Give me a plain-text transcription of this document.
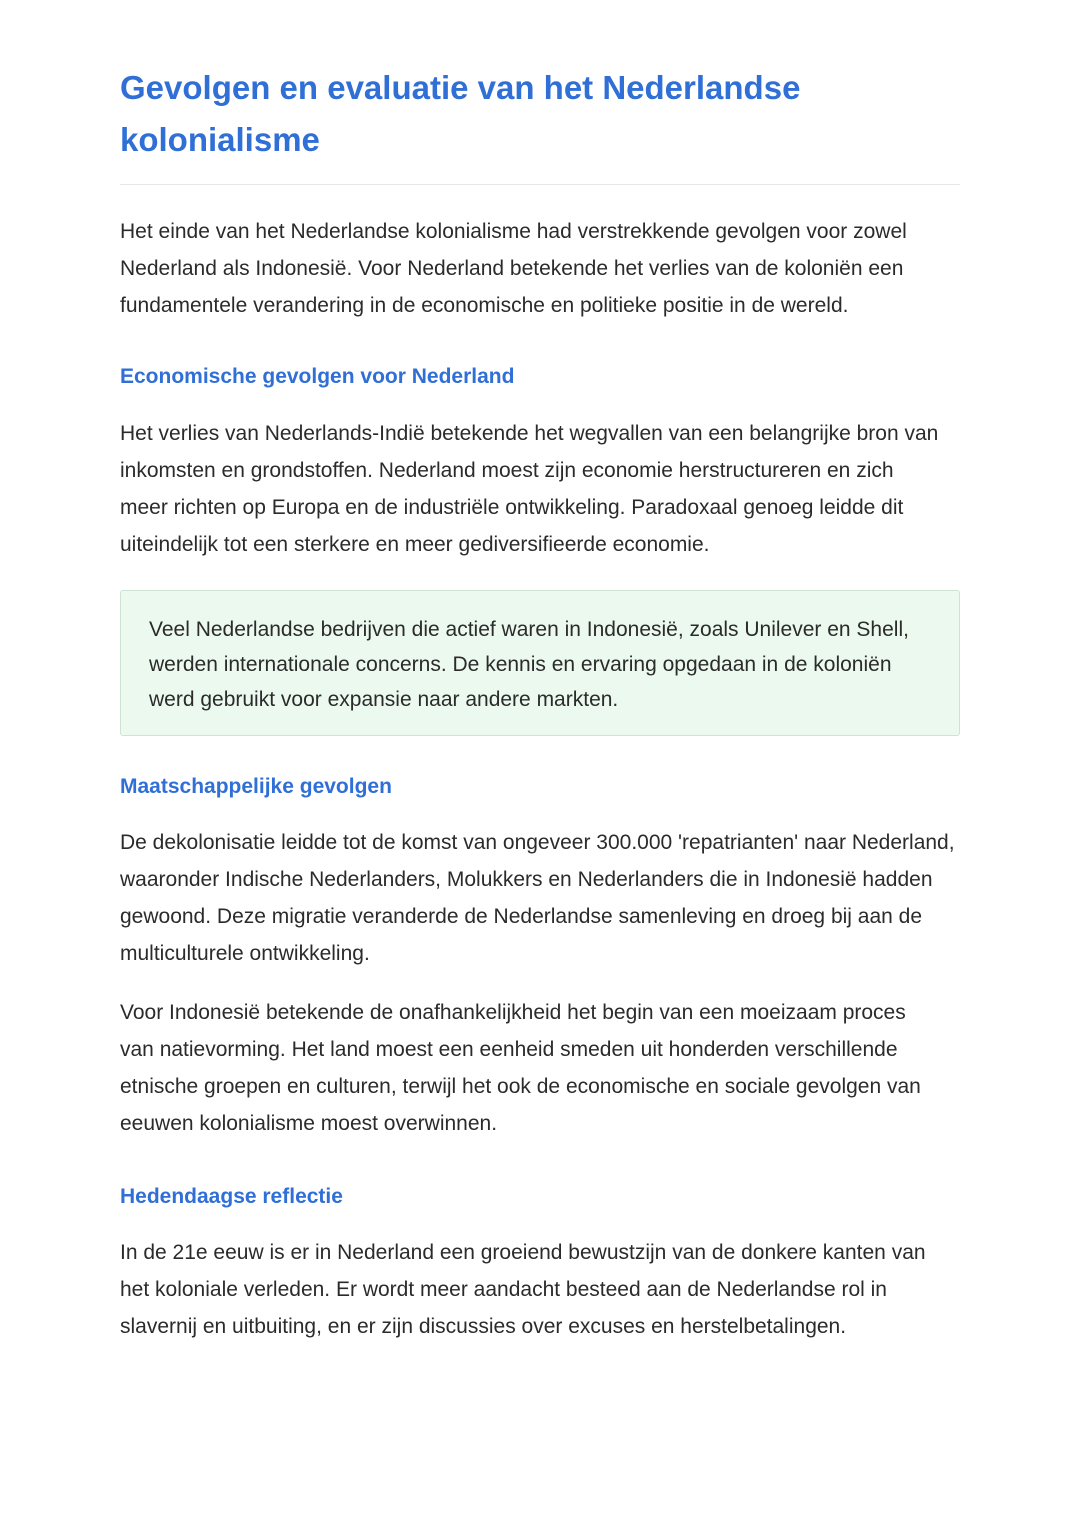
Gevolgen en evaluatie van het Nederlandse kolonialisme

Het einde van het Nederlandse kolonialisme had verstrekkende gevolgen voor zowel Nederland als Indonesië. Voor Nederland betekende het verlies van de koloniën een fundamentele verandering in de economische en politieke positie in de wereld.

Economische gevolgen voor Nederland

Het verlies van Nederlands-Indië betekende het wegvallen van een belangrijke bron van inkomsten en grondstoffen. Nederland moest zijn economie herstructureren en zich meer richten op Europa en de industriële ontwikkeling. Paradoxaal genoeg leidde dit uiteindelijk tot een sterkere en meer gediversifieerde economie.

Veel Nederlandse bedrijven die actief waren in Indonesië, zoals Unilever en Shell, werden internationale concerns. De kennis en ervaring opgedaan in de koloniën werd gebruikt voor expansie naar andere markten.

Maatschappelijke gevolgen

De dekolonisatie leidde tot de komst van ongeveer 300.000 'repatrianten' naar Nederland, waaronder Indische Nederlanders, Molukkers en Nederlanders die in Indonesië hadden gewoond. Deze migratie veranderde de Nederlandse samenleving en droeg bij aan de multiculturele ontwikkeling.

Voor Indonesië betekende de onafhankelijkheid het begin van een moeizaam proces van natievorming. Het land moest een eenheid smeden uit honderden verschillende etnische groepen en culturen, terwijl het ook de economische en sociale gevolgen van eeuwen kolonialisme moest overwinnen.

Hedendaagse reflectie

In de 21e eeuw is er in Nederland een groeiend bewustzijn van de donkere kanten van het koloniale verleden. Er wordt meer aandacht besteed aan de Nederlandse rol in slavernij en uitbuiting, en er zijn discussies over excuses en herstelbetalingen.
